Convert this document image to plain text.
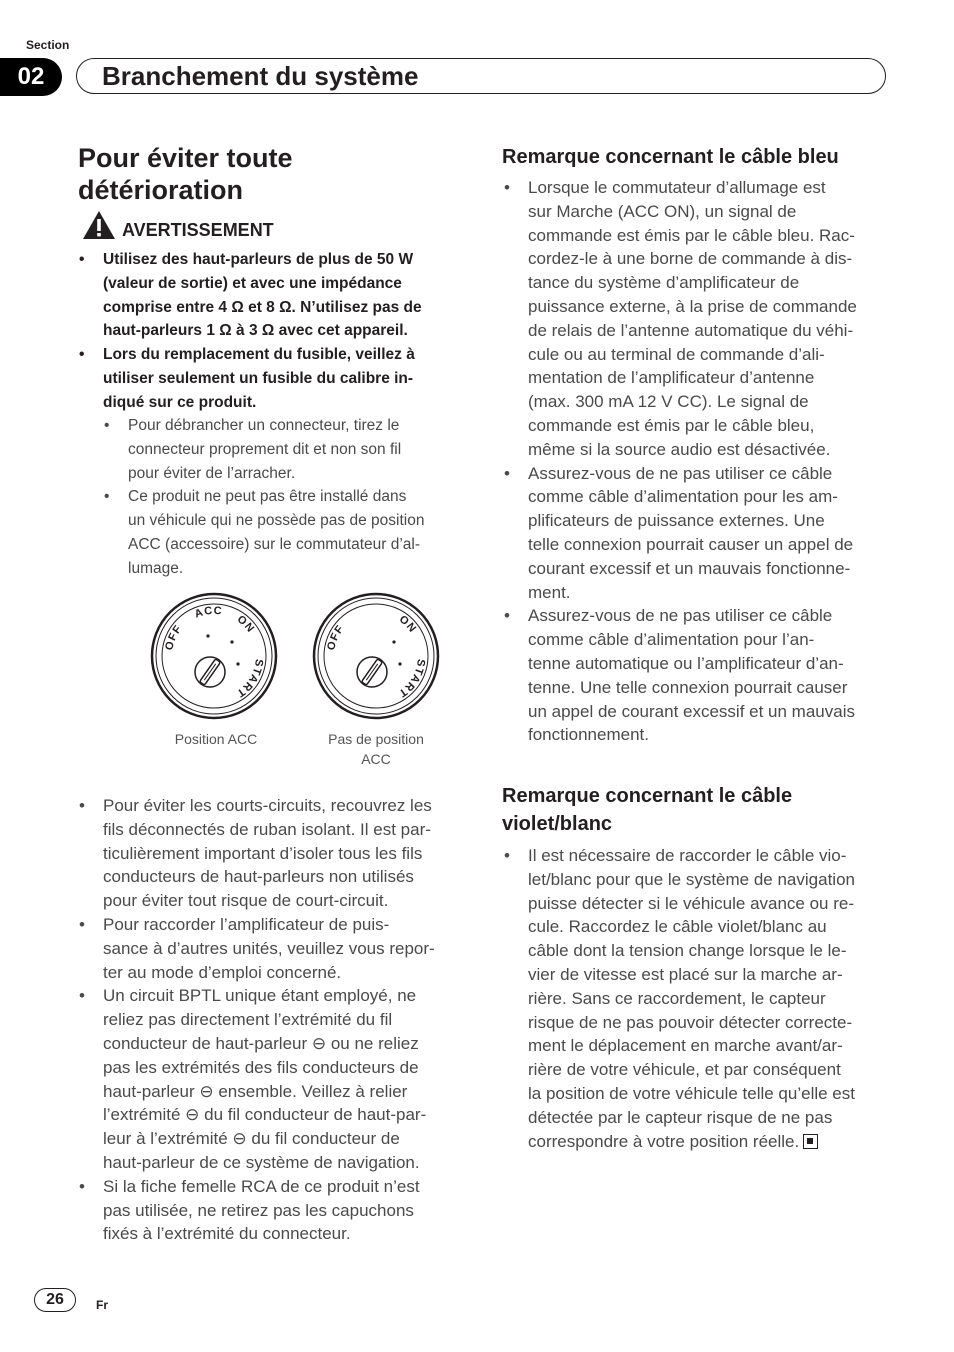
Section
02	Branchement du système
Pour éviter toute
détérioration
AVERTISSEMENT
• Utilisez des haut-parleurs de plus de 50 W
(valeur de sortie) et avec une impédance
comprise entre 4 Ω et 8 Ω. N’utilisez pas de
haut-parleurs 1 Ω à 3 Ω avec cet appareil.
• Lors du remplacement du fusible, veillez à
utiliser seulement un fusible du calibre in-
diqué sur ce produit.
• Pour débrancher un connecteur, tirez le
connecteur proprement dit et non son fil
pour éviter de l’arracher.
• Ce produit ne peut pas être installé dans
un véhicule qui ne possède pas de position
ACC (accessoire) sur le commutateur d’al-
lumage.
OFF
ACC
ON
START
OFF
ON
START
Position ACC	Pas de position
ACC
• Pour éviter les courts-circuits, recouvrez les
fils déconnectés de ruban isolant. Il est par-
ticulièrement important d’isoler tous les fils
conducteurs de haut-parleurs non utilisés
pour éviter tout risque de court-circuit.
• Pour raccorder l’amplificateur de puis-
sance à d’autres unités, veuillez vous repor-
ter au mode d’emploi concerné.
• Un circuit BPTL unique étant employé, ne
reliez pas directement l’extrémité du fil
conducteur de haut-parleur ⊖ ou ne reliez
pas les extrémités des fils conducteurs de
haut-parleur ⊖ ensemble. Veillez à relier
l’extrémité ⊖ du fil conducteur de haut-par-
leur à l’extrémité ⊖ du fil conducteur de
haut-parleur de ce système de navigation.
• Si la fiche femelle RCA de ce produit n’est
pas utilisée, ne retirez pas les capuchons
fixés à l’extrémité du connecteur.
Remarque concernant le câble bleu
• Lorsque le commutateur d’allumage est
sur Marche (ACC ON), un signal de
commande est émis par le câble bleu. Rac-
cordez-le à une borne de commande à dis-
tance du système d’amplificateur de
puissance externe, à la prise de commande
de relais de l’antenne automatique du véhi-
cule ou au terminal de commande d’ali-
mentation de l’amplificateur d’antenne
(max. 300 mA 12 V CC). Le signal de
commande est émis par le câble bleu,
même si la source audio est désactivée.
• Assurez-vous de ne pas utiliser ce câble
comme câble d’alimentation pour les am-
plificateurs de puissance externes. Une
telle connexion pourrait causer un appel de
courant excessif et un mauvais fonctionne-
ment.
• Assurez-vous de ne pas utiliser ce câble
comme câble d’alimentation pour l’an-
tenne automatique ou l’amplificateur d’an-
tenne. Une telle connexion pourrait causer
un appel de courant excessif et un mauvais
fonctionnement.
Remarque concernant le câble
violet/blanc
• Il est nécessaire de raccorder le câble vio-
let/blanc pour que le système de navigation
puisse détecter si le véhicule avance ou re-
cule. Raccordez le câble violet/blanc au
câble dont la tension change lorsque le le-
vier de vitesse est placé sur la marche ar-
rière. Sans ce raccordement, le capteur
risque de ne pas pouvoir détecter correcte-
ment le déplacement en marche avant/ar-
rière de votre véhicule, et par conséquent
la position de votre véhicule telle qu’elle est
détectée par le capteur risque de ne pas
correspondre à votre position réelle.
26	Fr
